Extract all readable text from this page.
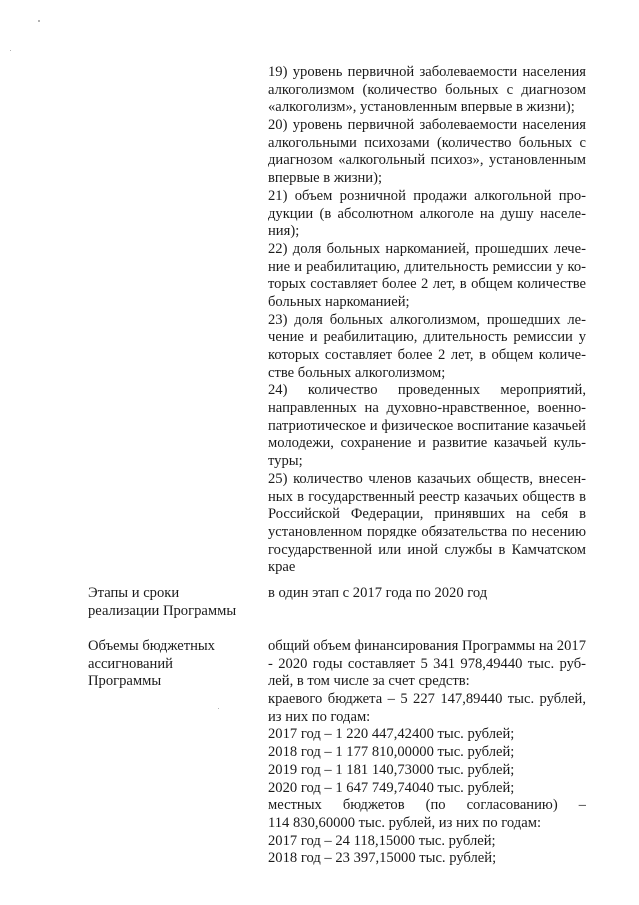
19) уровень первичной заболеваемости населения
алкоголизмом (количество больных с диагнозом
«алкоголизм», установленным впервые в жизни);
20) уровень первичной заболеваемости населения
алкогольными психозами (количество больных с
диагнозом «алкогольный психоз», установленным
впервые в жизни);
21) объем розничной продажи алкогольной про-
дукции (в абсолютном алкоголе на душу населе-
ния);
22) доля больных наркоманией, прошедших лече-
ние и реабилитацию, длительность ремиссии у ко-
торых составляет более 2 лет, в общем количестве
больных наркоманией;
23) доля больных алкоголизмом, прошедших ле-
чение и реабилитацию, длительность ремиссии у
которых составляет более 2 лет, в общем количе-
стве больных алкоголизмом;
24) количество проведенных мероприятий,
направленных на духовно-нравственное, военно-
патриотическое и физическое воспитание казачьей
молодежи, сохранение и развитие казачьей куль-
туры;
25) количество членов казачьих обществ, внесен-
ных в государственный реестр казачьих обществ в
Российской Федерации, принявших на себя в
установленном порядке обязательства по несению
государственной или иной службы в Камчатском
крае
Этапы и сроки
реализации Программы
в один этап с 2017 года по 2020 год
Объемы бюджетных
ассигнований
Программы
общий объем финансирования Программы на 2017
- 2020 годы составляет 5 341 978,49440 тыс. руб-
лей, в том числе за счет средств:
краевого бюджета – 5 227 147,89440 тыс. рублей,
из них по годам:
2017 год – 1 220 447,42400 тыс. рублей;
2018 год – 1 177 810,00000 тыс. рублей;
2019 год – 1 181 140,73000 тыс. рублей;
2020 год – 1 647 749,74040 тыс. рублей;
местных бюджетов (по согласованию) –
114 830,60000 тыс. рублей, из них по годам:
2017 год – 24 118,15000 тыс. рублей;
2018 год – 23 397,15000 тыс. рублей;
